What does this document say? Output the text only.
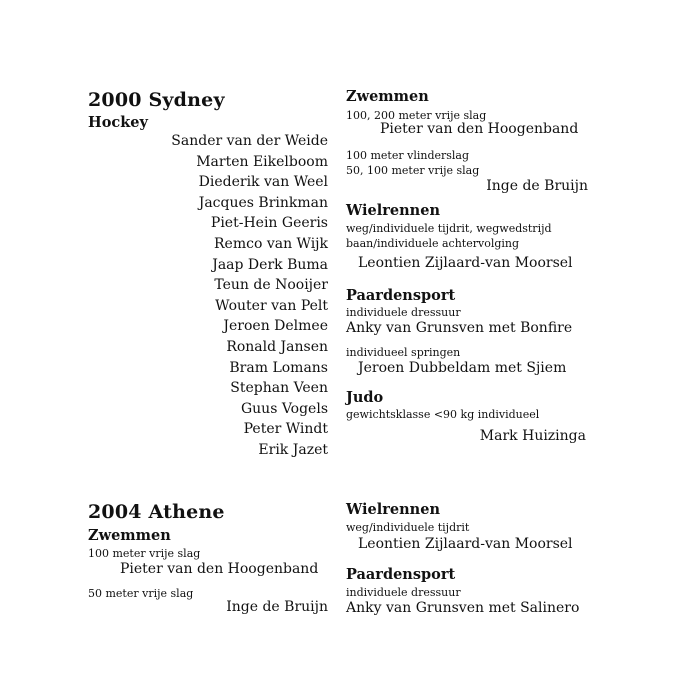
2000 Sydney
Hockey
Sander van der Weide
Marten Eikelboom
Diederik van Weel
Jacques Brinkman
Piet-Hein Geeris
Remco van Wijk
Jaap Derk Buma
Teun de Nooijer
Wouter van Pelt
Jeroen Delmee
Ronald Jansen
Bram Lomans
Stephan Veen
Guus Vogels
Peter Windt
Erik Jazet
Zwemmen
100, 200 meter vrije slag
Pieter van den Hoogenband
100 meter vlinderslag
50, 100 meter vrije slag
Inge de Bruijn
Wielrennen
weg/individuele tijdrit, wegwedstrijd
baan/individuele achtervolging
Leontien Zijlaard-van Moorsel
Paardensport
individuele dressuur
Anky van Grunsven met Bonfire
individueel springen
Jeroen Dubbeldam met Sjiem
Judo
gewichtsklasse <90 kg individueel
Mark Huizinga
2004 Athene
Zwemmen
100 meter vrije slag
Pieter van den Hoogenband
50 meter vrije slag
Inge de Bruijn
Wielrennen
weg/individuele tijdrit
Leontien Zijlaard-van Moorsel
Paardensport
individuele dressuur
Anky van Grunsven met Salinero
